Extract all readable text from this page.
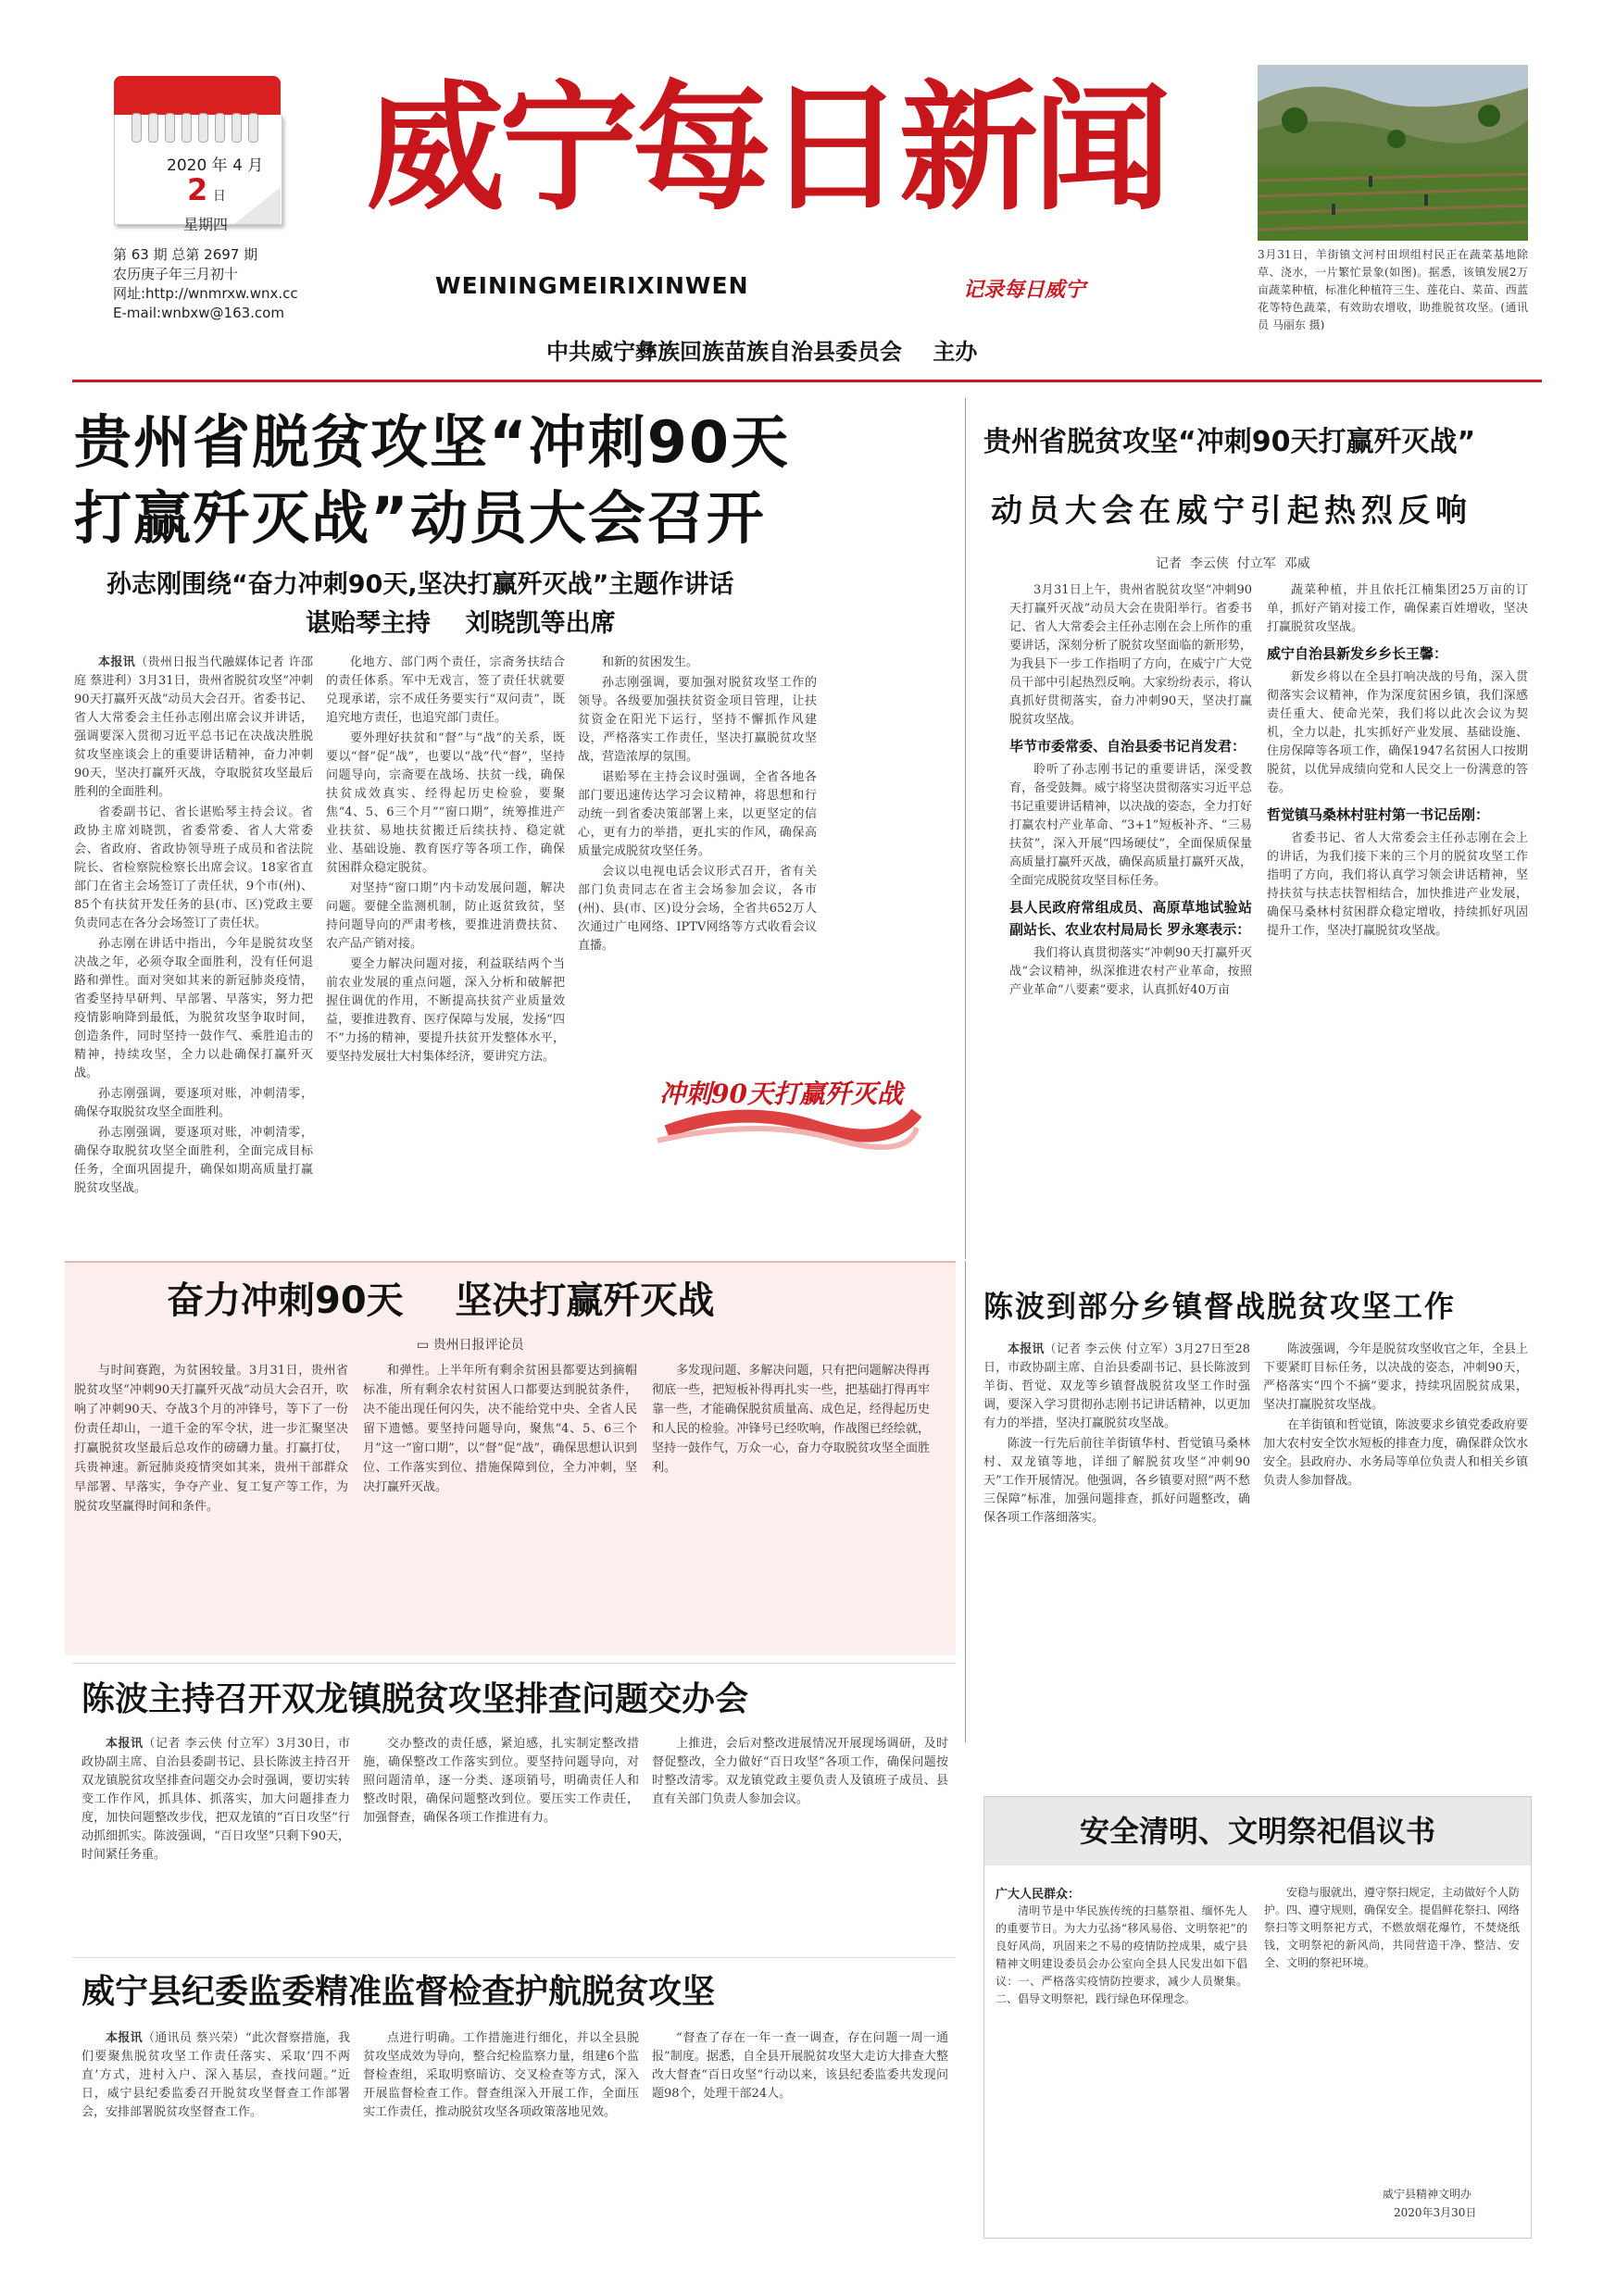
2020 年 4 月
2 日
星期四
第 63 期 总第 2697 期
农历庚子年三月初十
网址:http://wnmrxw.wnx.cc
E-mail:wnbxw@163.com
威宁每日新闻
WEININGMEIRIXINWEN	记录每日威宁
中共威宁彝族回族苗族自治县委员会    主办
3月31日，羊街镇文河村田坝组村民正在蔬菜基地除草、浇水，一片繁忙景象(如图)。据悉，该镇发展2万亩蔬菜种植，标准化种植符三生、莲花白、菜苗、西蓝花等特色蔬菜，有效助农增收，助推脱贫攻坚。(通讯员 马丽东 摄)
贵州省脱贫攻坚“冲刺90天
打赢歼灭战”动员大会召开
孙志刚围绕“奋力冲刺90天,坚决打赢歼灭战”主题作讲话
谌贻琴主持    刘晓凯等出席

本报讯（贵州日报当代融媒体记者 许邵庭 蔡进利）3月31日，贵州省脱贫攻坚“冲刺90天打赢歼灭战”动员大会召开。省委书记、省人大常委会主任孙志刚出席会议并讲话，强调要深入贯彻习近平总书记在决战决胜脱贫攻坚座谈会上的重要讲话精神，奋力冲刺90天，坚决打赢歼灭战，夺取脱贫攻坚最后胜利的全面胜利。

省委副书记、省长谌贻琴主持会议。省政协主席刘晓凯，省委常委、省人大常委会、省政府、省政协领导班子成员和省法院院长、省检察院检察长出席会议。18家省直部门在省主会场签订了责任状，9个市(州)、85个有扶贫开发任务的县(市、区)党政主要负责同志在各分会场签订了责任状。

孙志刚在讲话中指出，今年是脱贫攻坚决战之年，必须夺取全面胜利，没有任何退路和弹性。面对突如其来的新冠肺炎疫情，省委坚持早研判、早部署、早落实，努力把疫情影响降到最低，为脱贫攻坚争取时间，创造条件，同时坚持一鼓作气、乘胜追击的精神，持续攻坚，全力以赴确保打赢歼灭战。

孙志刚强调，要逐项对账，冲刺清零，确保夺取脱贫攻坚全面胜利。

孙志刚强调，要逐项对账，冲刺清零，确保夺取脱贫攻坚全面胜利，全面完成目标任务，全面巩固提升，确保如期高质量打赢脱贫攻坚战。

化地方、部门两个责任，宗斋务扶结合的责任体系。军中无戏言，签了责任状就要兑现承诺，宗不成任务要实行“双问责”，既追究地方责任，也追究部门责任。

要外理好扶贫和“督”与“战”的关系，既要以“督”促“战”，也要以“战”代“督”，坚持问题导向，宗斋要在战场、扶贫一线，确保扶贫成效真实、经得起历史检验，要聚焦“4、5、6三个月”“窗口期”，统筹推进产业扶贫、易地扶贫搬迁后续扶持、稳定就业、基础设施、教育医疗等各项工作，确保贫困群众稳定脱贫。

对坚持“窗口期”内卡动发展问题，解决问题。要健全监测机制，防止返贫致贫，坚持问题导向的严肃考核，要推进消费扶贫、农产品产销对接。

要全力解决问题对接，利益联结两个当前农业发展的重点问题，深入分析和破解把握住调优的作用，不断提高扶贫产业质量效益，要推进教育、医疗保障与发展，发扬“四不”力扬的精神，要提升扶贫开发整体水平，要坚持发展壮大村集体经济，要讲究方法。

和新的贫困发生。

孙志刚强调，要加强对脱贫攻坚工作的领导。各级要加强扶贫资金项目管理，让扶贫资金在阳光下运行，坚持不懈抓作风建设，严格落实工作责任，坚决打赢脱贫攻坚战，营造浓厚的氛围。

谌贻琴在主持会议时强调，全省各地各部门要迅速传达学习会议精神，将思想和行动统一到省委决策部署上来，以更坚定的信心，更有力的举措，更扎实的作风，确保高质量完成脱贫攻坚任务。

会议以电视电话会议形式召开，省有关部门负责同志在省主会场参加会议，各市(州)、县(市、区)设分会场，全省共652万人次通过广电网络、IPTV网络等方式收看会议直播。

冲刺90天打赢歼灭战
贵州省脱贫攻坚“冲刺90天打赢歼灭战”
动员大会在威宁引起热烈反响
记者  李云侠  付立军  邓威

3月31日上午，贵州省脱贫攻坚“冲刺90天打赢歼灭战”动员大会在贵阳举行。省委书记、省人大常委会主任孙志刚在会上所作的重要讲话，深刻分析了脱贫攻坚面临的新形势，为我县下一步工作指明了方向，在威宁广大党员干部中引起热烈反响。大家纷纷表示，将认真抓好贯彻落实，奋力冲刺90天，坚决打赢脱贫攻坚战。

毕节市委常委、自治县委书记肖发君：

聆听了孙志刚书记的重要讲话，深受教育，备受鼓舞。威宁将坚决贯彻落实习近平总书记重要讲话精神，以决战的姿态，全力打好打赢农村产业革命、“3+1”短板补齐、“三易扶贫”，深入开展“四场硬仗”，全面保质保量高质量打赢歼灭战，确保高质量打赢歼灭战，全面完成脱贫攻坚目标任务。

县人民政府常组成员、高原草地试验站副站长、农业农村局局长 罗永寒表示：

我们将认真贯彻落实“冲刺90天打赢歼灭战”会议精神，纵深推进农村产业革命，按照产业革命“八要素”要求，认真抓好40万亩

蔬菜种植，并且依托江楠集团25万亩的订单，抓好产销对接工作，确保素百姓增收，坚决打赢脱贫攻坚战。

威宁自治县新发乡乡长王馨：

新发乡将以在全县打响决战的号角，深入贯彻落实会议精神，作为深度贫困乡镇，我们深感责任重大、使命光荣，我们将以此次会议为契机，全力以赴，扎实抓好产业发展、基础设施、住房保障等各项工作，确保1947名贫困人口按期脱贫，以优异成绩向党和人民交上一份满意的答卷。

哲觉镇马桑林村驻村第一书记岳刚：

省委书记、省人大常委会主任孙志刚在会上的讲话，为我们接下来的三个月的脱贫攻坚工作指明了方向，我们将认真学习领会讲话精神，坚持扶贫与扶志扶智相结合，加快推进产业发展，确保马桑林村贫困群众稳定增收，持续抓好巩固提升工作，坚决打赢脱贫攻坚战。

奋力冲刺90天    坚决打赢歼灭战
▭ 贵州日报评论员

与时间赛跑，为贫困较量。3月31日，贵州省脱贫攻坚“冲刺90天打赢歼灭战”动员大会召开，吹响了冲刺90天、夺战3个月的冲锋号，等下了一份份责任却山，一道千金的军令状，进一步汇聚坚决打赢脱贫攻坚最后总攻作的磅礴力量。打赢打仗，兵贵神速。新冠肺炎疫情突如其来，贵州干部群众早部署、早落实，争夺产业、复工复产等工作，为脱贫攻坚赢得时间和条件。

和弹性。上半年所有剩余贫困县都要达到摘帽标准，所有剩余农村贫困人口都要达到脱贫条件，决不能出现任何闪失，决不能给党中央、全省人民留下遗憾。要坚持问题导向，聚焦“4、5、6三个月”这一“窗口期”，以“督”促“战”，确保思想认识到位、工作落实到位、措施保障到位，全力冲刺，坚决打赢歼灭战。

多发现问题、多解决问题，只有把问题解决得再彻底一些，把短板补得再扎实一些，把基础打得再牢靠一些，才能确保脱贫质量高、成色足，经得起历史和人民的检验。冲锋号已经吹响，作战图已经绘就，坚持一鼓作气，万众一心，奋力夺取脱贫攻坚全面胜利。

陈波到部分乡镇督战脱贫攻坚工作

本报讯（记者 李云侠 付立军）3月27日至28日，市政协副主席、自治县委副书记、县长陈波到羊街、哲觉、双龙等乡镇督战脱贫攻坚工作时强调，要深入学习贯彻孙志刚书记讲话精神，以更加有力的举措，坚决打赢脱贫攻坚战。

陈波一行先后前往羊街镇华村、哲觉镇马桑林村、双龙镇等地，详细了解脱贫攻坚“冲刺90天”工作开展情况。他强调，各乡镇要对照“两不愁三保障”标准，加强问题排查，抓好问题整改，确保各项工作落细落实。

陈波强调，今年是脱贫攻坚收官之年，全县上下要紧盯目标任务，以决战的姿态，冲刺90天，严格落实“四个不摘”要求，持续巩固脱贫成果，坚决打赢脱贫攻坚战。

在羊街镇和哲觉镇，陈波要求乡镇党委政府要加大农村安全饮水短板的排查力度，确保群众饮水安全。县政府办、水务局等单位负责人和相关乡镇负责人参加督战。

陈波主持召开双龙镇脱贫攻坚排查问题交办会

本报讯（记者 李云侠 付立军）3月30日，市政协副主席、自治县委副书记、县长陈波主持召开双龙镇脱贫攻坚排查问题交办会时强调，要切实转变工作作风，抓具体、抓落实，加大问题排查力度，加快问题整改步伐，把双龙镇的“百日攻坚”行动抓细抓实。陈波强调，“百日攻坚”只剩下90天，时间紧任务重。

交办整改的责任感，紧迫感，扎实制定整改措施，确保整改工作落实到位。要坚持问题导向，对照问题清单，逐一分类、逐项销号，明确责任人和整改时限，确保问题整改到位。要压实工作责任，加强督查，确保各项工作推进有力。

上推进，会后对整改进展情况开展现场调研，及时督促整改，全力做好“百日攻坚”各项工作，确保问题按时整改清零。双龙镇党政主要负责人及镇班子成员、县直有关部门负责人参加会议。

威宁县纪委监委精准监督检查护航脱贫攻坚

本报讯（通讯员 蔡兴荣）“此次督察措施，我们要聚焦脱贫攻坚工作责任落实、采取‘四不两直’方式，进村入户、深入基层，查找问题。”近日，威宁县纪委监委召开脱贫攻坚督查工作部署会，安排部署脱贫攻坚督查工作。

点进行明确。工作措施进行细化，并以全县脱贫攻坚成效为导向，整合纪检监察力量，组建6个监督检查组，采取明察暗访、交叉检查等方式，深入开展监督检查工作。督查组深入开展工作，全面压实工作责任，推动脱贫攻坚各项政策落地见效。

“督查了存在一年一查一调查，存在问题一周一通报”制度。据悉，自全县开展脱贫攻坚大走访大排查大整改大督查“百日攻坚”行动以来，该县纪委监委共发现问题98个，处理干部24人。

安全清明、文明祭祀倡议书
广大人民群众：

清明节是中华民族传统的扫墓祭祖、缅怀先人的重要节日。为大力弘扬“移风易俗、文明祭祀”的良好风尚，巩固来之不易的疫情防控成果，威宁县精神文明建设委员会办公室向全县人民发出如下倡议：一、严格落实疫情防控要求，减少人员聚集。二、倡导文明祭祀，践行绿色环保理念。

安稳与服就出，遵守祭扫规定，主动做好个人防护。四、遵守规则，确保安全。提倡鲜花祭扫、网络祭扫等文明祭祀方式，不燃放烟花爆竹，不焚烧纸钱，文明祭祀的新风尚，共同营造干净、整洁、安全、文明的祭祀环境。

威宁县精神文明办
2020年3月30日
